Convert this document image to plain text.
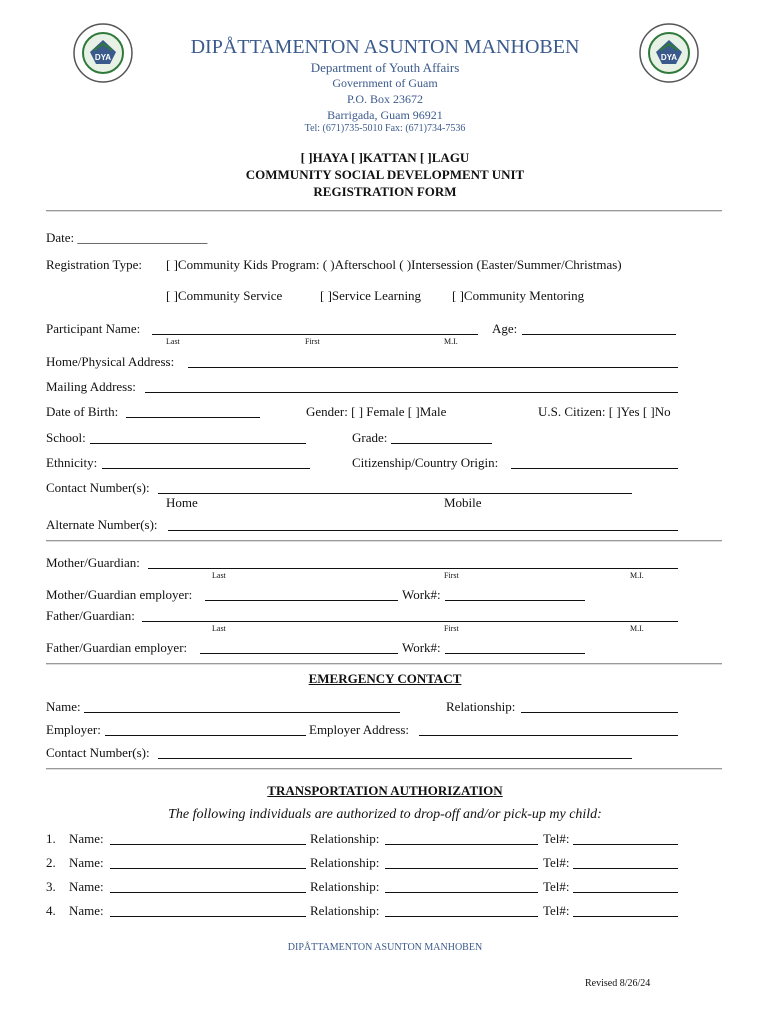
DYA	DYA
DIPÅTTAMENTON ASUNTON MANHOBEN
Department of Youth Affairs
Government of Guam
P.O. Box 23672
Barrigada, Guam 96921
Tel: (671)735-5010 Fax: (671)734-7536
[ ]HAYA [ ]KATTAN [ ]LAGU
COMMUNITY SOCIAL DEVELOPMENT UNIT
REGISTRATION FORM
Date: ____________________
Registration Type: [ ]Community Kids Program: ( )Afterschool ( )Intersession (Easter/Summer/Christmas)
[ ]Community Service	[ ]Service Learning [ ]Community Mentoring
Participant Name:	Age:
Last	First	M.I.
Home/Physical Address:
Mailing Address:
Date of Birth:	Gender: [ ] Female [ ]Male	U.S. Citizen: [ ]Yes [ ]No
School:	Grade:
Ethnicity:	Citizenship/Country Origin:
Contact Number(s):
Home	Mobile
Alternate Number(s):
Mother/Guardian:
Last	First	M.I.
Mother/Guardian employer:	Work#:
Father/Guardian:
Last	First	M.I.
Father/Guardian employer:	Work#:
EMERGENCY CONTACT
Name:	Relationship:
Employer:	Employer Address:
Contact Number(s):
TRANSPORTATION AUTHORIZATION
The following individuals are authorized to drop-off and/or pick-up my child:
1. Name:	Relationship:	Tel#:
2. Name:	Relationship:	Tel#:
3. Name:	Relationship:	Tel#:
4. Name:	Relationship:	Tel#:
DIPÅTTAMENTON ASUNTON MANHOBEN
Revised 8/26/24
